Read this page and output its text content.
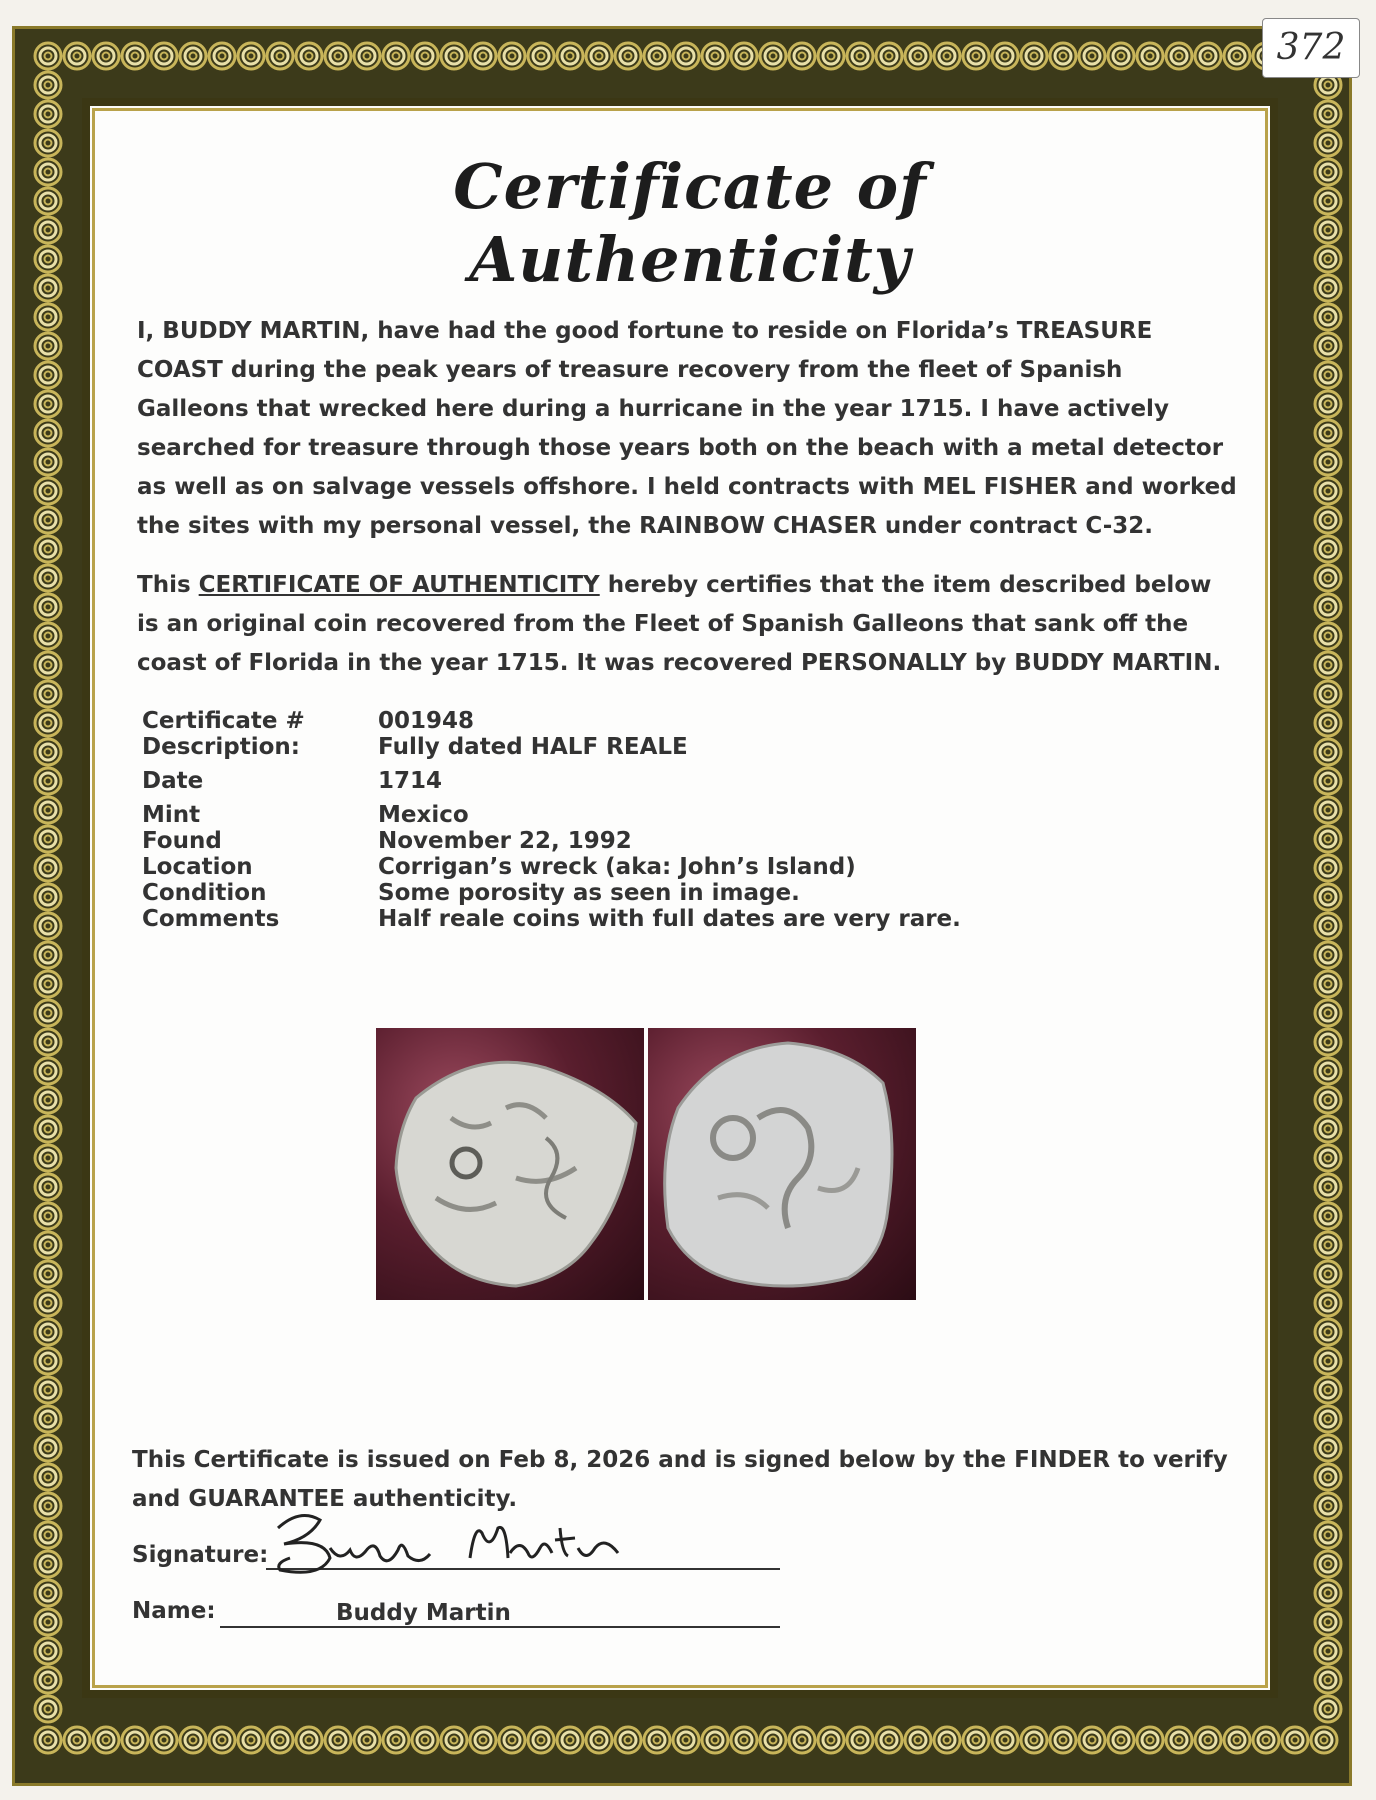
372
Certificate of Authenticity
I, BUDDY MARTIN, have had the good fortune to reside on Florida’s TREASURE COAST during the peak years of treasure recovery from the fleet of Spanish Galleons that wrecked here during a hurricane in the year 1715. I have actively searched for treasure through those years both on the beach with a metal detector as well as on salvage vessels offshore. I held contracts with MEL FISHER and worked the sites with my personal vessel, the RAINBOW CHASER under contract C-32.
This CERTIFICATE OF AUTHENTICITY hereby certifies that the item described below is an original coin recovered from the Fleet of Spanish Galleons that sank off the coast of Florida in the year 1715. It was recovered PERSONALLY by BUDDY MARTIN.
Certificate #	001948
Description:	Fully dated HALF REALE
Date	1714
Mint	Mexico
Found	November 22, 1992
Location	Corrigan’s wreck (aka: John’s Island)
Condition	Some porosity as seen in image.
Comments	Half reale coins with full dates are very rare.
This Certificate is issued on Feb 8, 2026 and is signed below by the FINDER to verify and GUARANTEE authenticity.
Signature:
Name:	Buddy Martin
